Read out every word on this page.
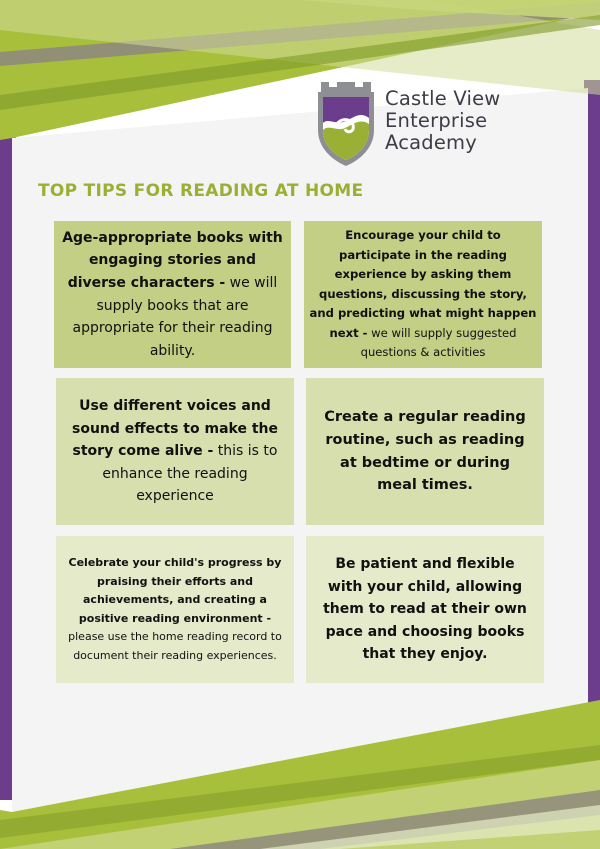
Castle View
Enterprise
Academy
TOP TIPS FOR READING AT HOME
Age-appropriate books with engaging stories and diverse characters - we will supply books that are appropriate for their reading ability.
Encourage your child to participate in the reading experience by asking them questions, discussing the story, and predicting what might happen next - we will supply suggested questions & activities
Use different voices and sound effects to make the story come alive - this is to enhance the reading experience
Create a regular reading routine, such as reading at bedtime or during meal times.
Celebrate your child's progress by praising their efforts and achievements, and creating a positive reading environment - please use the home reading record to document their reading experiences.
Be patient and flexible with your child, allowing them to read at their own pace and choosing books that they enjoy.
